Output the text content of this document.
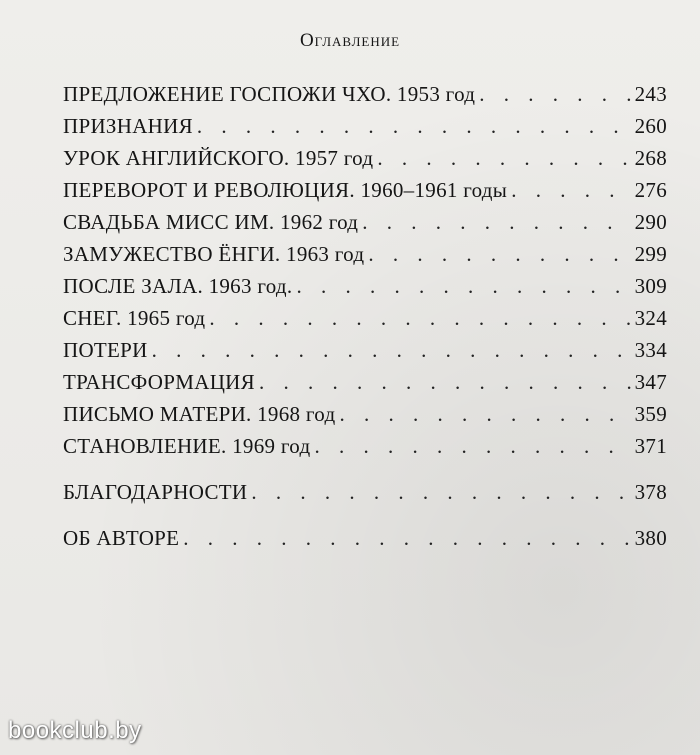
Оглавление
ПРЕДЛОЖЕНИЕ ГОСПОЖИ ЧХО. 1953 год . . .	243
ПРИЗНАНИЯ . . .	260
УРОК АНГЛИЙСКОГО. 1957 год . . .	268
ПЕРЕВОРОТ И РЕВОЛЮЦИЯ. 1960–1961 годы . . .	276
СВАДЬБА МИСС ИМ. 1962 год . . .	290
ЗАМУЖЕСТВО ЁНГИ. 1963 год . . .	299
ПОСЛЕ ЗАЛА. 1963 год. . . .	309
СНЕГ. 1965 год . . .	324
ПОТЕРИ . . .	334
ТРАНСФОРМАЦИЯ . . .	347
ПИСЬМО МАТЕРИ. 1968 год . . .	359
СТАНОВЛЕНИЕ. 1969 год . . .	371
БЛАГОДАРНОСТИ . . .	378
ОБ АВТОРЕ . . .	380
bookclub.by
